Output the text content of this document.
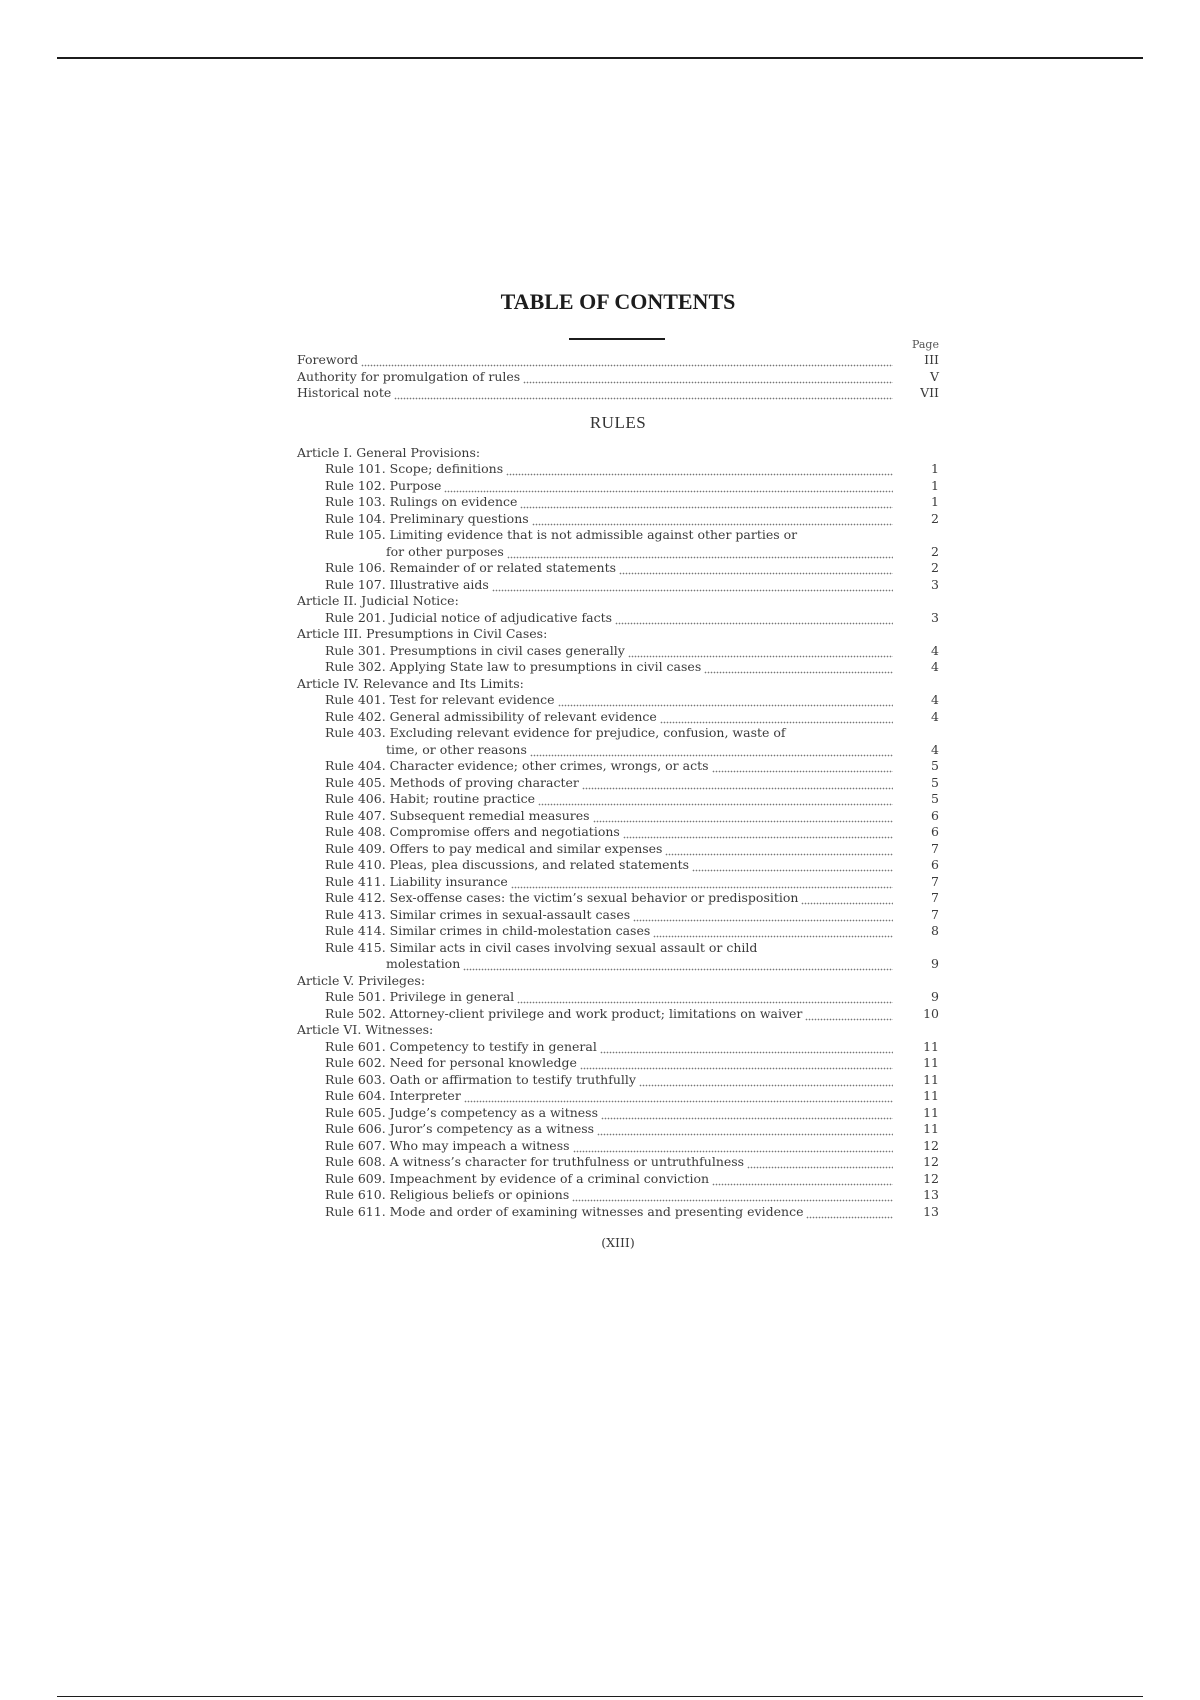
TABLE OF CONTENTS
Page
Foreword	III
Authority for promulgation of rules	V
Historical note	VII
RULES
Article I. General Provisions:
Rule 101. Scope; definitions	1
Rule 102. Purpose	1
Rule 103. Rulings on evidence	1
Rule 104. Preliminary questions	2
Rule 105. Limiting evidence that is not admissible against other parties or
for other purposes	2
Rule 106. Remainder of or related statements	2
Rule 107. Illustrative aids	3
Article II. Judicial Notice:
Rule 201. Judicial notice of adjudicative facts	3
Article III. Presumptions in Civil Cases:
Rule 301. Presumptions in civil cases generally	4
Rule 302. Applying State law to presumptions in civil cases	4
Article IV. Relevance and Its Limits:
Rule 401. Test for relevant evidence	4
Rule 402. General admissibility of relevant evidence	4
Rule 403. Excluding relevant evidence for prejudice, confusion, waste of
time, or other reasons	4
Rule 404. Character evidence; other crimes, wrongs, or acts	5
Rule 405. Methods of proving character	5
Rule 406. Habit; routine practice	5
Rule 407. Subsequent remedial measures	6
Rule 408. Compromise offers and negotiations	6
Rule 409. Offers to pay medical and similar expenses	7
Rule 410. Pleas, plea discussions, and related statements	6
Rule 411. Liability insurance	7
Rule 412. Sex-offense cases: the victim’s sexual behavior or predisposition	7
Rule 413. Similar crimes in sexual-assault cases	7
Rule 414. Similar crimes in child-molestation cases	8
Rule 415. Similar acts in civil cases involving sexual assault or child
molestation	9
Article V. Privileges:
Rule 501. Privilege in general	9
Rule 502. Attorney-client privilege and work product; limitations on waiver	10
Article VI. Witnesses:
Rule 601. Competency to testify in general	11
Rule 602. Need for personal knowledge	11
Rule 603. Oath or affirmation to testify truthfully	11
Rule 604. Interpreter	11
Rule 605. Judge’s competency as a witness	11
Rule 606. Juror’s competency as a witness	11
Rule 607. Who may impeach a witness	12
Rule 608. A witness’s character for truthfulness or untruthfulness	12
Rule 609. Impeachment by evidence of a criminal conviction	12
Rule 610. Religious beliefs or opinions	13
Rule 611. Mode and order of examining witnesses and presenting evidence	13
(XIII)
